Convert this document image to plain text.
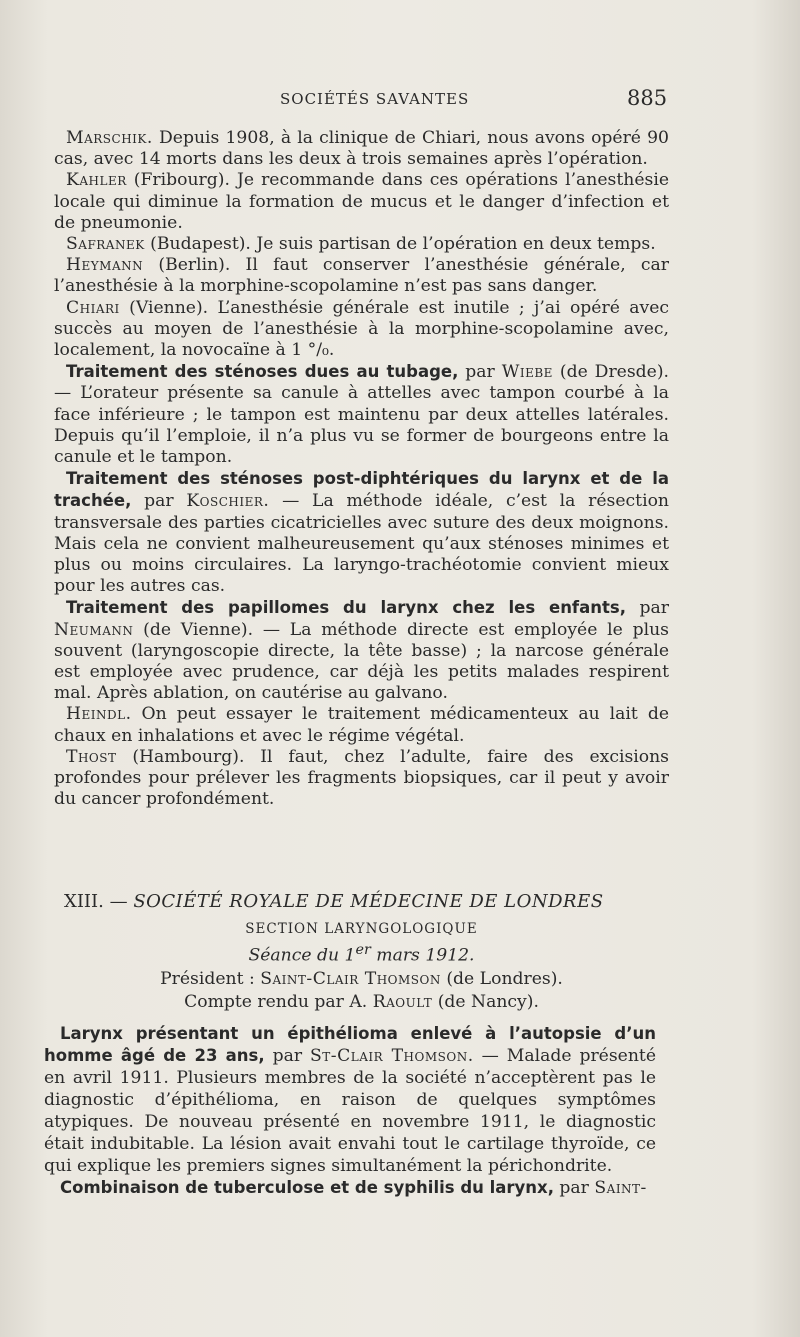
SOCIÉTÉS SAVANTES	885

Marschik. Depuis 1908, à la clinique de Chiari, nous avons opéré 90 cas, avec 14 morts dans les deux à trois semaines après l’opération.

Kahler (Fribourg). Je recommande dans ces opérations l’anesthésie locale qui diminue la formation de mucus et le danger d’infection et de pneumonie.

Safranek (Budapest). Je suis partisan de l’opération en deux temps.

Heymann (Berlin). Il faut conserver l’anesthésie générale, car l’anesthésie à la morphine-scopolamine n’est pas sans danger.

Chiari (Vienne). L’anesthésie générale est inutile ; j’ai opéré avec succès au moyen de l’anesthésie à la morphine-scopolamine avec, localement, la novocaïne à 1 °/₀.

Traitement des sténoses dues au tubage, par Wiebe (de Dresde). — L’orateur présente sa canule à attelles avec tampon courbé à la face inférieure ; le tampon est maintenu par deux attelles latérales. Depuis qu’il l’emploie, il n’a plus vu se former de bourgeons entre la canule et le tampon.

Traitement des sténoses post-diphtériques du larynx et de la trachée, par Koschier. — La méthode idéale, c’est la résection transversale des parties cicatricielles avec suture des deux moignons. Mais cela ne convient malheureusement qu’aux sténoses minimes et plus ou moins circulaires. La laryngo-trachéotomie convient mieux pour les autres cas.

Traitement des papillomes du larynx chez les enfants, par Neumann (de Vienne). — La méthode directe est employée le plus souvent (laryngoscopie directe, la tête basse) ; la narcose générale est employée avec prudence, car déjà les petits malades respirent mal. Après ablation, on cautérise au galvano.

Heindl. On peut essayer le traitement médicamenteux au lait de chaux en inhalations et avec le régime végétal.

Thost (Hambourg). Il faut, chez l’adulte, faire des excisions profondes pour prélever les fragments biopsiques, car il peut y avoir du cancer profondément.

XIII. — SOCIÉTÉ ROYALE DE MÉDECINE DE LONDRES
SECTION LARYNGOLOGIQUE
Séance du 1er mars 1912.
Président : Saint-Clair Thomson (de Londres).
Compte rendu par A. Raoult (de Nancy).

Larynx présentant un épithélioma enlevé à l’autopsie d’un homme âgé de 23 ans, par St-Clair Thomson. — Malade présenté en avril 1911. Plusieurs membres de la société n’acceptèrent pas le diagnostic d’épithélioma, en raison de quelques symptômes atypiques. De nouveau présenté en novembre 1911, le diagnostic était indubitable. La lésion avait envahi tout le cartilage thyroïde, ce qui explique les premiers signes simultanément la périchondrite.

Combinaison de tuberculose et de syphilis du larynx, par Saint-
